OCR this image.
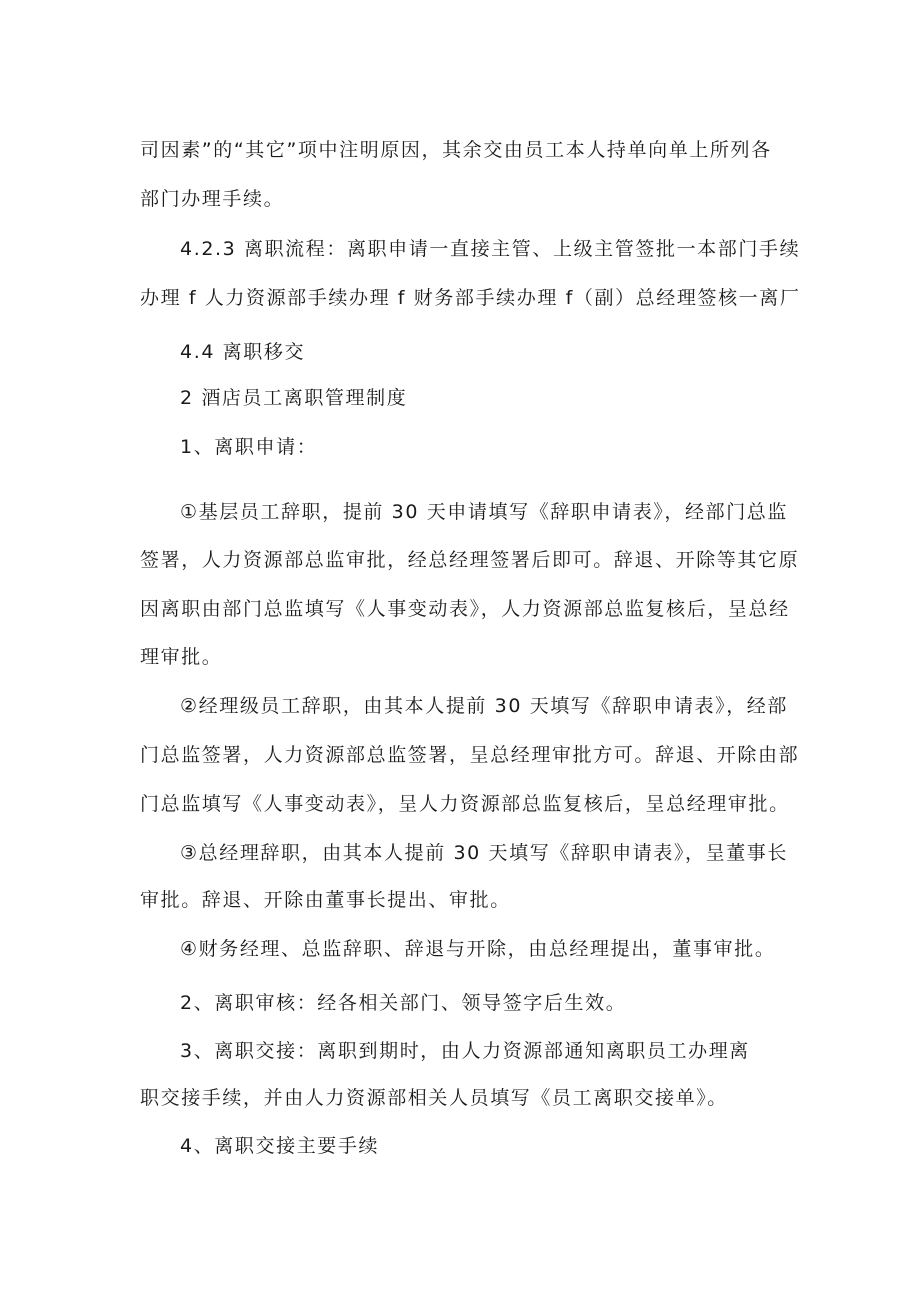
司因素”的“其它”项中注明原因，其余交由员工本人持单向单上所列各
部门办理手续。
4.2.3 离职流程：离职申请一直接主管、上级主管签批一本部门手续
办理 f 人力资源部手续办理 f 财务部手续办理 f（副）总经理签核一离厂
4.4 离职移交
2 酒店员工离职管理制度
1、离职申请：
①基层员工辞职，提前 30 天申请填写《辞职申请表》，经部门总监
签署，人力资源部总监审批，经总经理签署后即可。辞退、开除等其它原
因离职由部门总监填写《人事变动表》，人力资源部总监复核后，呈总经
理审批。
②经理级员工辞职，由其本人提前 30 天填写《辞职申请表》，经部
门总监签署，人力资源部总监签署，呈总经理审批方可。辞退、开除由部
门总监填写《人事变动表》，呈人力资源部总监复核后，呈总经理审批。
③总经理辞职，由其本人提前 30 天填写《辞职申请表》，呈董事长
审批。辞退、开除由董事长提出、审批。
④财务经理、总监辞职、辞退与开除，由总经理提出，董事审批。
2、离职审核：经各相关部门、领导签字后生效。
3、离职交接：离职到期时，由人力资源部通知离职员工办理离
职交接手续，并由人力资源部相关人员填写《员工离职交接单》。
4、离职交接主要手续
